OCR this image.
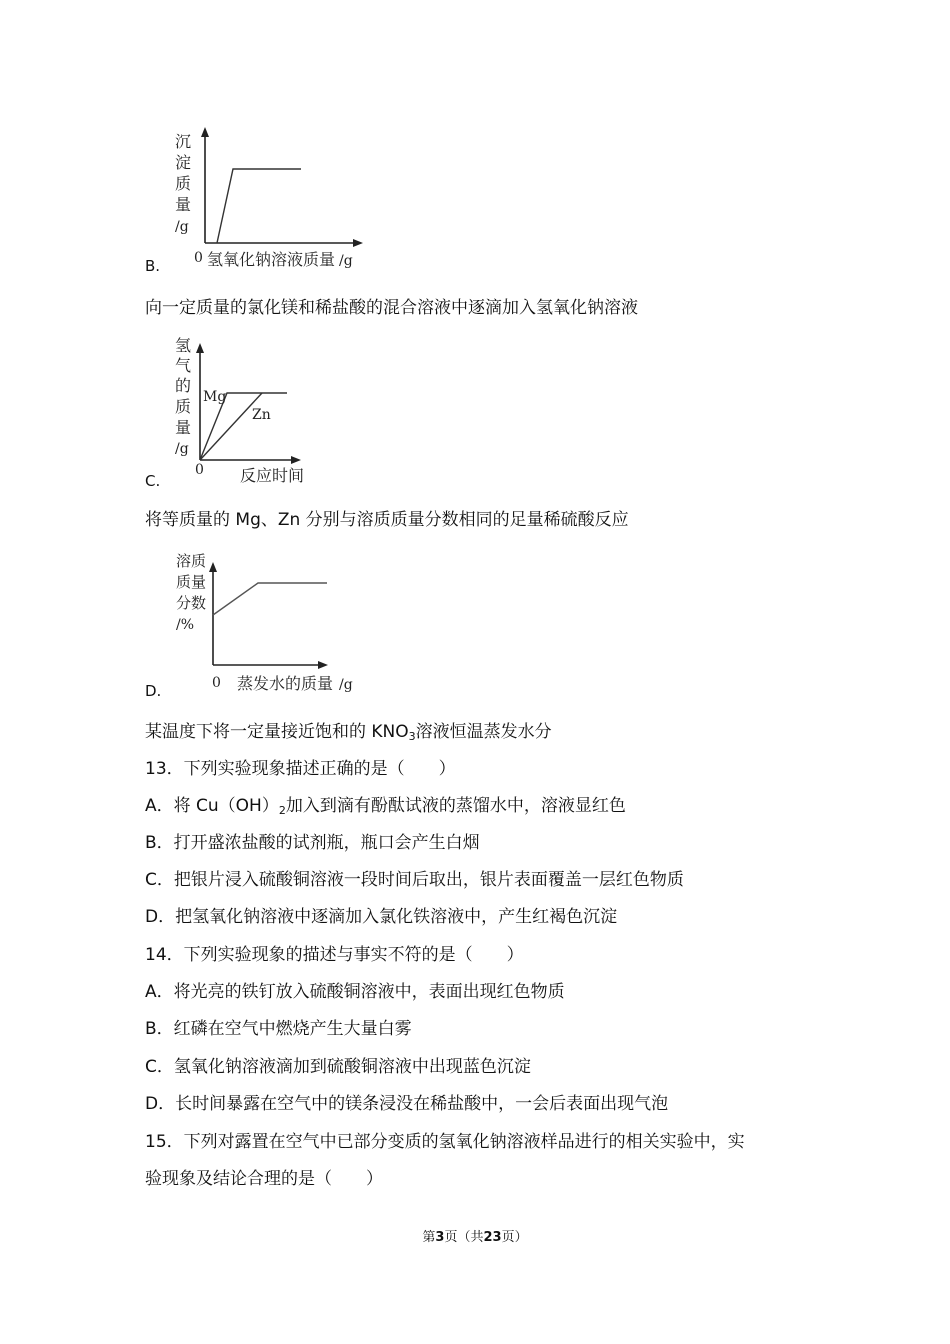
沉
淀
质
量
/g
0 氢氧化钠溶液质量 /g
B.
向一定质量的氯化镁和稀盐酸的混合溶液中逐滴加入氢氧化钠溶液
氢
气
的
质
量
/g
Mg
Zn
0 反应时间
C.
将等质量的 Mg、Zn 分别与溶质质量分数相同的足量稀硫酸反应
溶质
质量
分数
/%
0 蒸发水的质量 /g
D.
某温度下将一定量接近饱和的 $KNO_3$溶液恒温蒸发水分
13．下列实验现象描述正确的是（　　）
A．将 $Cu(OH)_2$加入到滴有酚酞试液的蒸馏水中，溶液显红色
B．打开盛浓盐酸的试剂瓶，瓶口会产生白烟
C．把银片浸入硫酸铜溶液一段时间后取出，银片表面覆盖一层红色物质
D．把氢氧化钠溶液中逐滴加入氯化铁溶液中，产生红褐色沉淀
14．下列实验现象的描述与事实不符的是（　　）
A．将光亮的铁钉放入硫酸铜溶液中，表面出现红色物质
B．红磷在空气中燃烧产生大量白雾
C．氢氧化钠溶液滴加到硫酸铜溶液中出现蓝色沉淀
D．长时间暴露在空气中的镁条浸没在稀盐酸中，一会后表面出现气泡
15．下列对露置在空气中已部分变质的氢氧化钠溶液样品进行的相关实验中，实
验现象及结论合理的是（　　）
第3页（共23页）
